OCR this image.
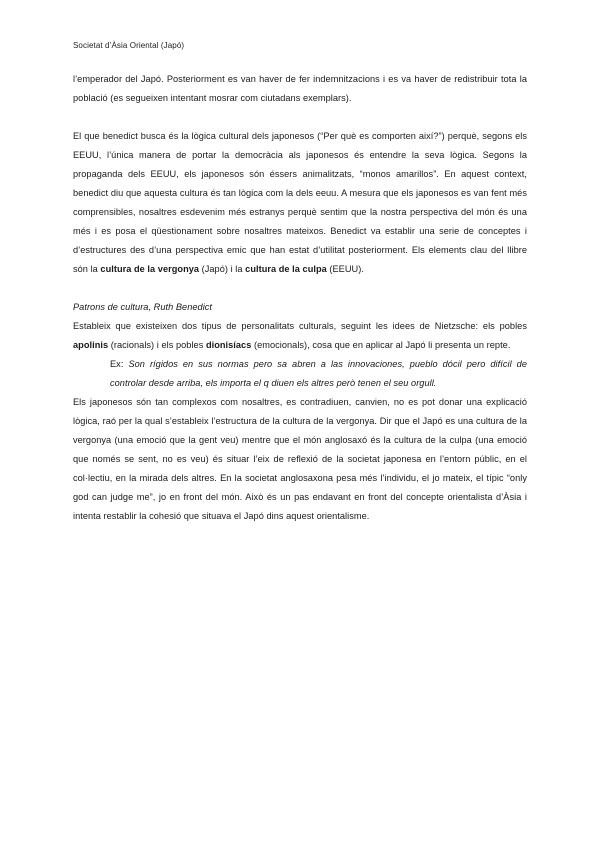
Societat d’Àsia Oriental (Japó)

l’emperador del Japó. Posteriorment es van haver de fer indemnitzacions i es va haver de redistribuir tota la població (es segueixen intentant mosrar com ciutadans exemplars).

El que benedict busca és la lògica cultural dels japonesos (“Per què es comporten així?”) perquè, segons els EEUU, l’única manera de portar la democràcia als japonesos és entendre la seva lògica. Segons la propaganda dels EEUU, els japonesos són éssers animalitzats, “monos amarillos”. En aquest context, benedict diu que aquesta cultura és tan lògica com la dels eeuu. A mesura que els japonesos es van fent més comprensibles, nosaltres esdevenim més estranys perquè sentim que la nostra perspectiva del món és una més i es posa el qüestionament sobre nosaltres mateixos. Benedict va establir una serie de conceptes i d’estructures des d’una perspectiva emic que han estat d’utilitat posteriorment. Els elements clau del llibre són la cultura de la vergonya (Japó) i la cultura de la culpa (EEUU).

Patrons de cultura, Ruth Benedict

Estableix que existeixen dos tipus de personalitats culturals, seguint les idees de Nietzsche: els pobles apolinis (racionals) i els pobles dionisíacs (emocionals), cosa que en aplicar al Japó li presenta un repte.

Ex: Son rígidos en sus normas pero sa abren a las innovaciones, pueblo dócil pero difícil de controlar desde arriba, els importa el q diuen els altres però tenen el seu orgull.

Els japonesos són tan complexos com nosaltres, es contradiuen, canvien, no es pot donar una explicació lògica, raó per la qual s’estableix l’estructura de la cultura de la vergonya. Dir que el Japó es una cultura de la vergonya (una emoció que la gent veu) mentre que el món anglosaxó és la cultura de la culpa (una emoció que només se sent, no es veu) és situar l’eix de reflexió de la societat japonesa en l’entorn públic, en el col·lectiu, en la mirada dels altres. En la societat anglosaxona pesa més l’individu, el jo mateix, el típic “only god can judge me”, jo en front del món. Això és un pas endavant en front del concepte orientalista d’Àsia i intenta restablir la cohesió que situava el Japó dins aquest orientalisme.
